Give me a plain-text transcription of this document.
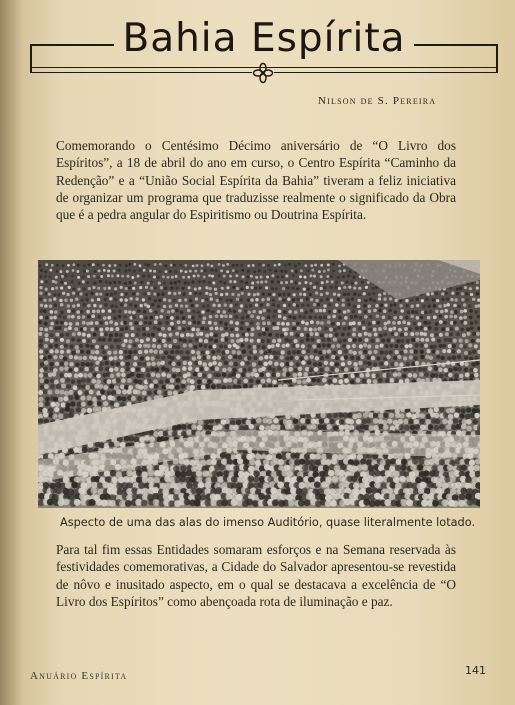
Bahia Espírita
Nilson de S. Pereira

Comemorando o Centésimo Décimo aniversário de “O Livro dos Espíritos”, a 18 de abril do ano em curso, o Centro Espírita “Caminho da Redenção” e a “União Social Espírita da Bahia” tiveram a feliz iniciativa de organizar um programa que traduzisse realmente o significado da Obra que é a pedra angular do Espiritismo ou Doutrina Espírita.

Aspecto de uma das alas do imenso Auditório, quase literalmente lotado.

Para tal fim essas Entidades somaram esforços e na Semana reservada às festividades comemorativas, a Cidade do Salvador apresentou-se revestida de nôvo e inusitado aspecto, em o qual se destacava a excelência de “O Livro dos Espíritos” como abençoada rota de iluminação e paz.

Anuário Espírita	141
